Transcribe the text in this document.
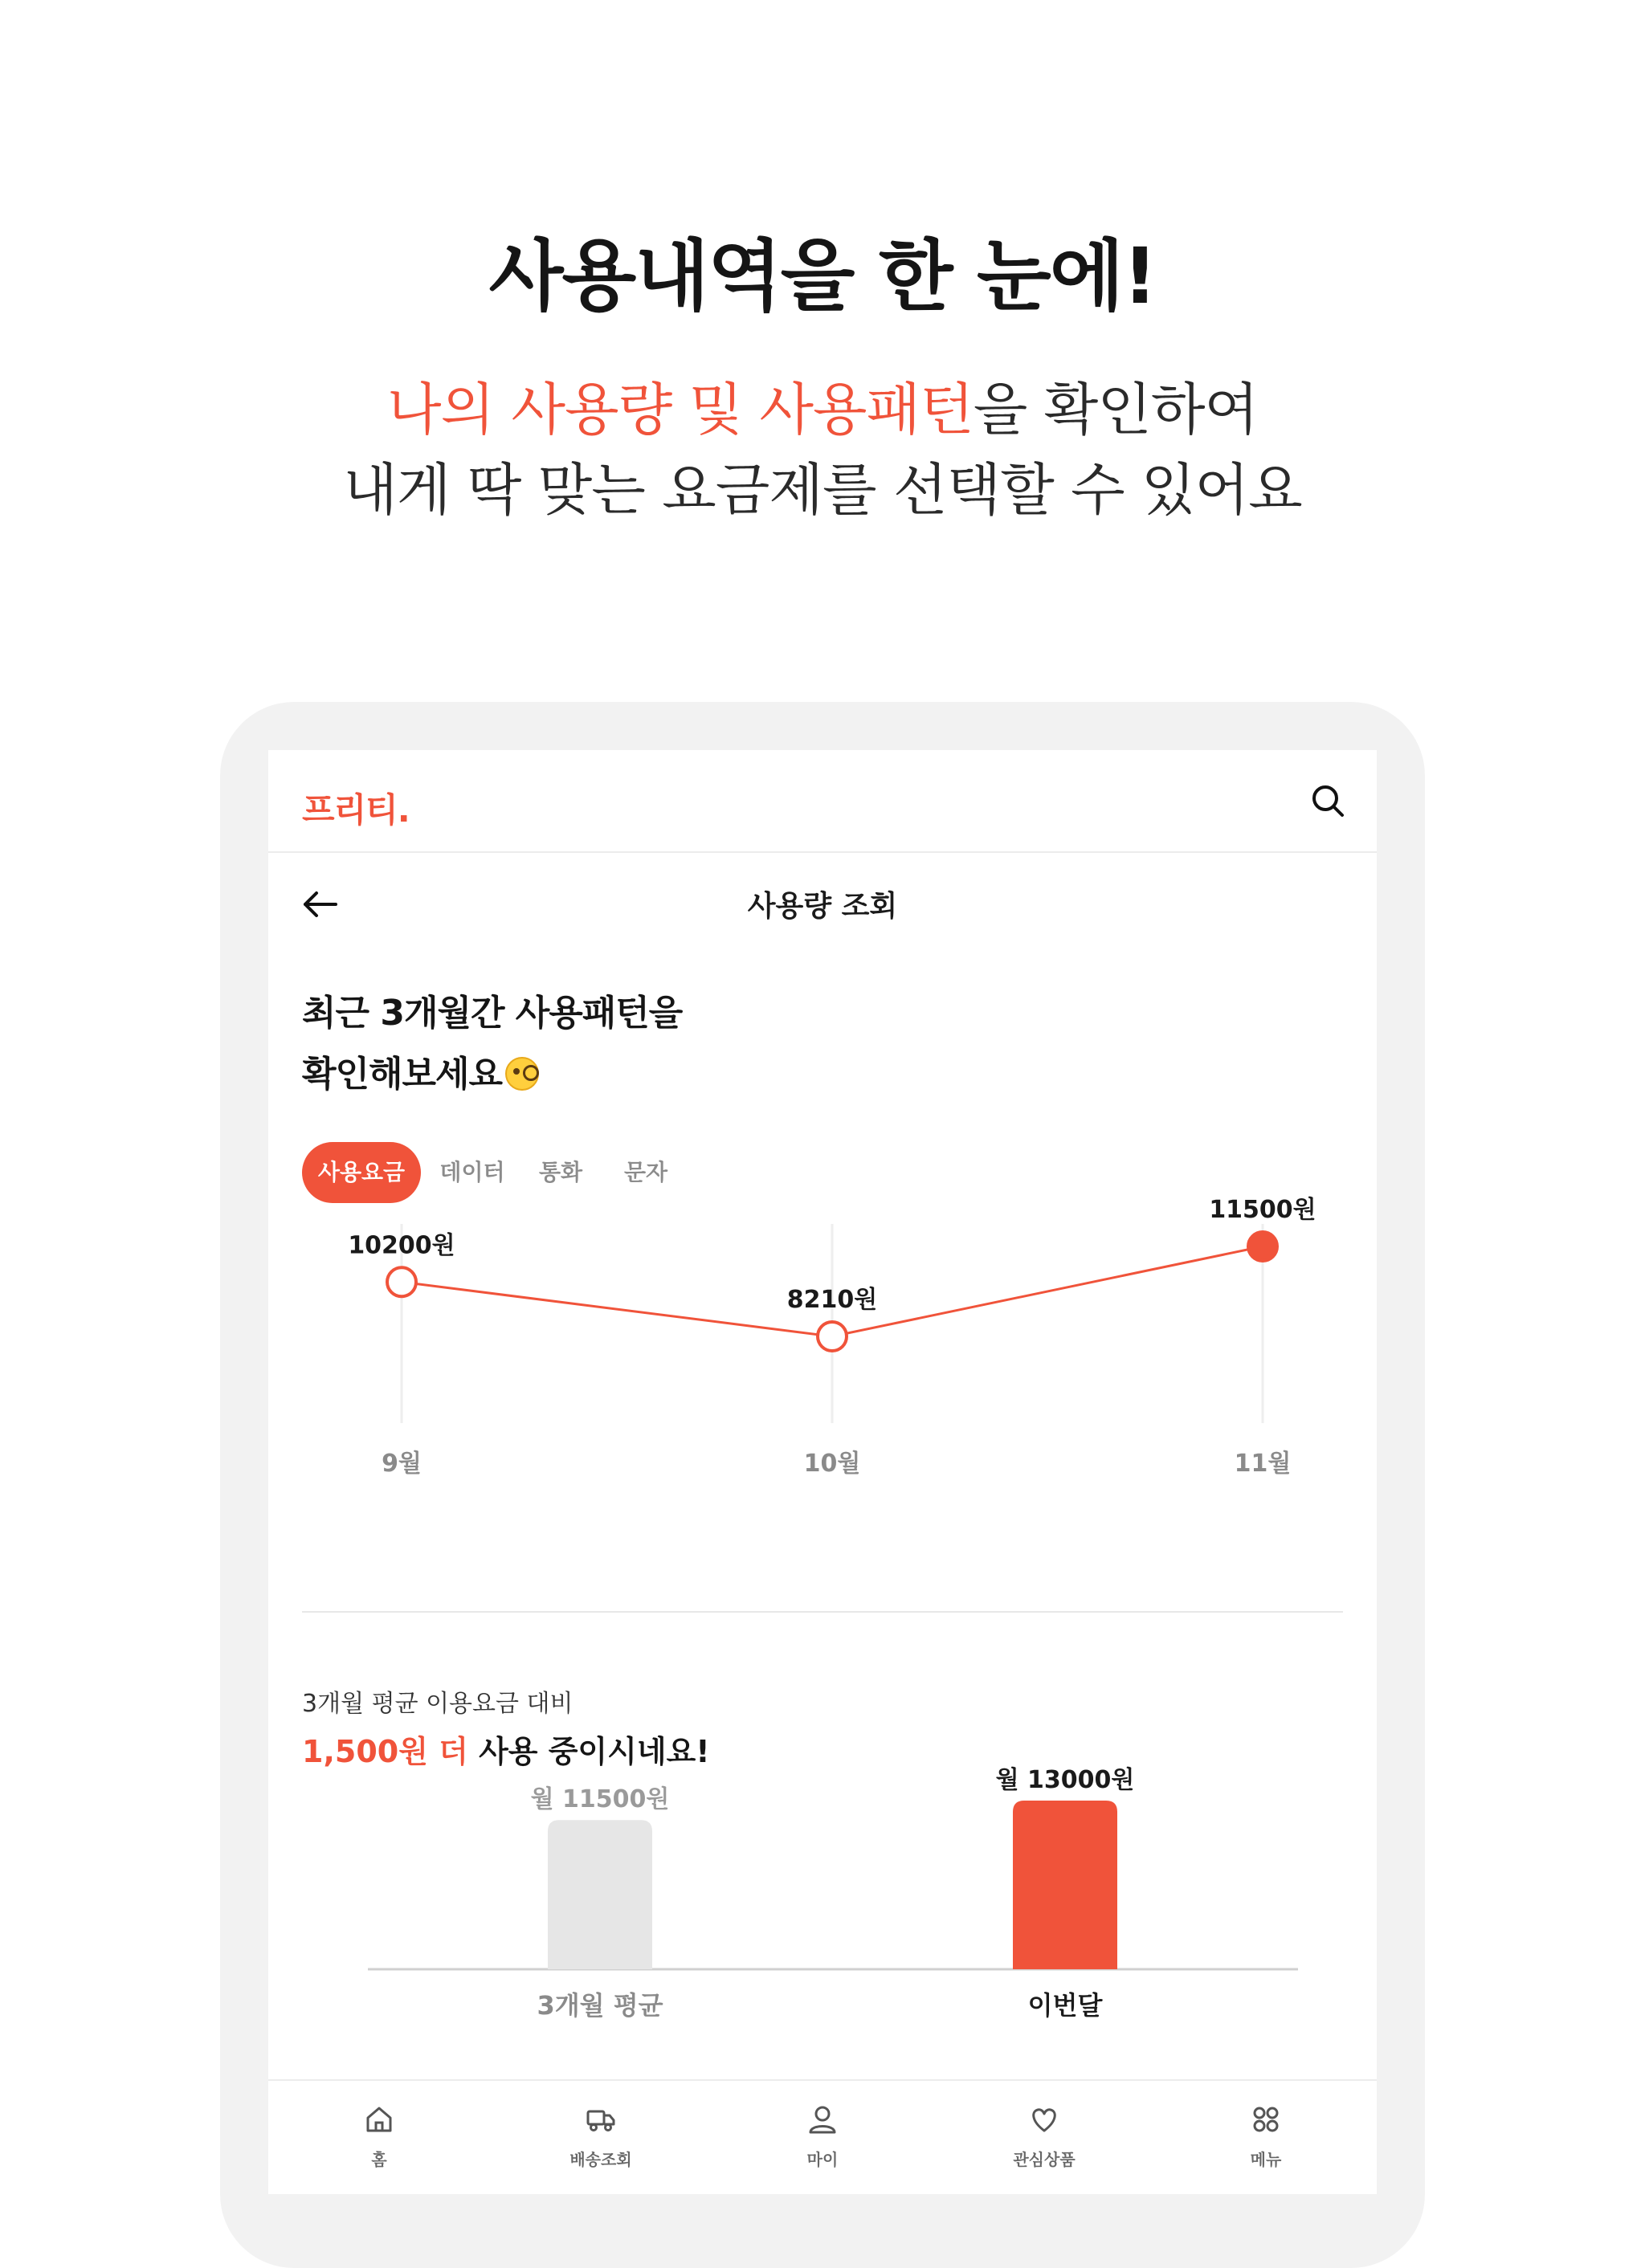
사용내역을 한 눈에!
나의 사용량 및 사용패턴을 확인하여
내게 딱 맞는 요금제를 선택할 수 있어요
프리티.
사용량 조회
최근 3개월간 사용패턴을
확인해보세요
사용요금	데이터	통화	문자
10200원
9월
8210원
10월
11500원
11월
3개월 평균 이용요금 대비
1,500원 더 사용 중이시네요!
월 11500원
3개월 평균
월 13000원
이번달
홈	배송조회	마이	관심상품	메뉴
